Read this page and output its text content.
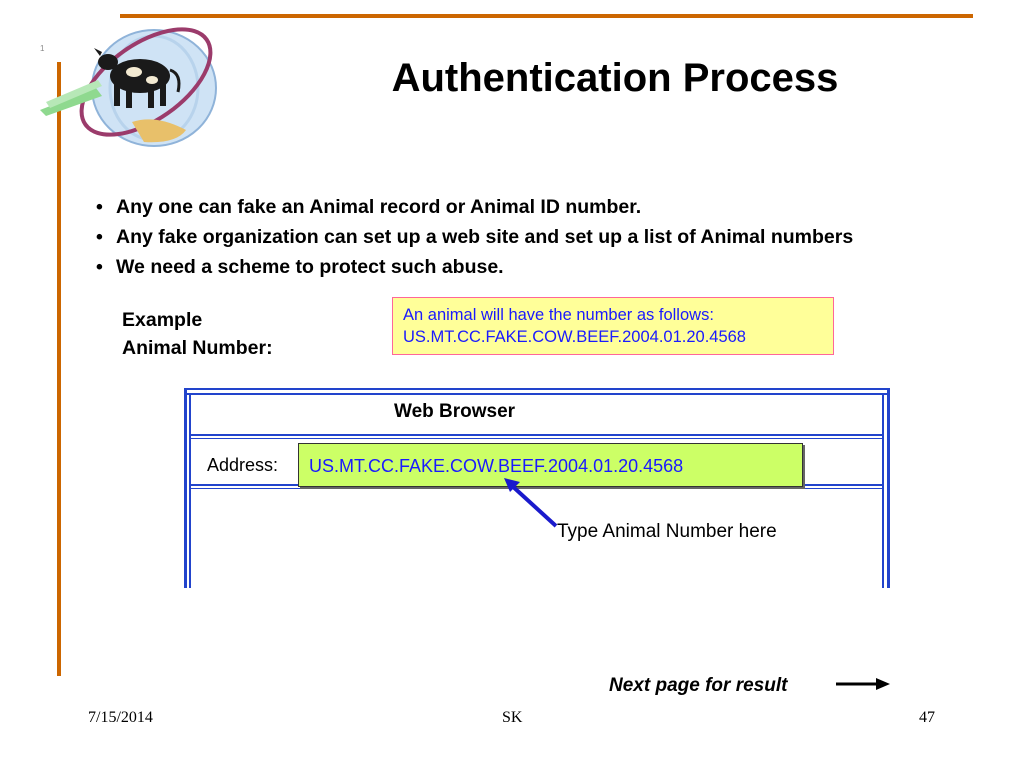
1
Authentication Process
• Any one can fake an Animal record or Animal ID number.
• Any fake organization can set up a web site and set up a list of Animal numbers
• We need a scheme to protect such abuse.
Example
Animal Number:
An animal will have the number as follows:
US.MT.CC.FAKE.COW.BEEF.2004.01.20.4568
Web Browser
Address:	US.MT.CC.FAKE.COW.BEEF.2004.01.20.4568
Type Animal Number here
Next page for result
7/15/2014	SK	47
